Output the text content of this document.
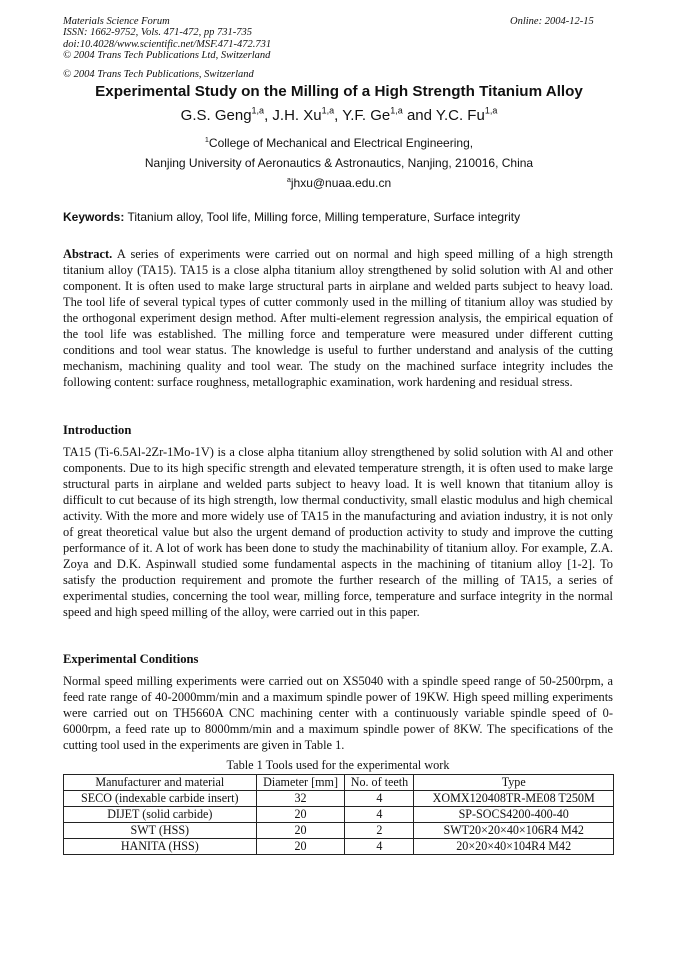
Materials Science Forum
ISSN: 1662-9752, Vols. 471-472, pp 731-735
doi:10.4028/www.scientific.net/MSF.471-472.731
© 2004 Trans Tech Publications Ltd, Switzerland
© 2004 Trans Tech Publications, Switzerland
Online: 2004-12-15
Experimental Study on the Milling of a High Strength Titanium Alloy
G.S. Geng$^{1,a}$, J.H. Xu$^{1,a}$, Y.F. Ge$^{1,a}$ and Y.C. Fu$^{1,a}$
$^1$College of Mechanical and Electrical Engineering,
Nanjing University of Aeronautics & Astronautics, Nanjing, 210016, China
$^a$jhxu@nuaa.edu.cn
Keywords: Titanium alloy, Tool life, Milling force, Milling temperature, Surface integrity

Abstract. A series of experiments were carried out on normal and high speed milling of a high strength titanium alloy (TA15). TA15 is a close alpha titanium alloy strengthened by solid solution with Al and other component. It is often used to make large structural parts in airplane and welded parts subject to heavy load. The tool life of several typical types of cutter commonly used in the milling of titanium alloy was studied by the orthogonal experiment design method. After multi-element regression analysis, the empirical equation of the tool life was established. The milling force and temperature were measured under different cutting conditions and tool wear status. The knowledge is useful to further understand and analysis of the cutting mechanism, machining quality and tool wear. The study on the machined surface integrity includes the following content: surface roughness, metallographic examination, work hardening and residual stress.

Introduction

TA15 (Ti-6.5Al-2Zr-1Mo-1V) is a close alpha titanium alloy strengthened by solid solution with Al and other components. Due to its high specific strength and elevated temperature strength, it is often used to make large structural parts in airplane and welded parts subject to heavy load. It is well known that titanium alloy is difficult to cut because of its high strength, low thermal conductivity, small elastic modulus and high chemical activity. With the more and more widely use of TA15 in the manufacturing and aviation industry, it is not only of great theoretical value but also the urgent demand of production activity to study and improve the cutting performance of it. A lot of work has been done to study the machinability of titanium alloy. For example, Z.A. Zoya and D.K. Aspinwall studied some fundamental aspects in the machining of titanium alloy [1-2]. To satisfy the production requirement and promote the further research of the milling of TA15, a series of experimental studies, concerning the tool wear, milling force, temperature and surface integrity in the normal speed and high speed milling of the alloy, were carried out in this paper.

Experimental Conditions

Normal speed milling experiments were carried out on XS5040 with a spindle speed range of 50-2500rpm, a feed rate range of 40-2000mm/min and a maximum spindle power of 19KW. High speed milling experiments were carried out on TH5660A CNC machining center with a continuously variable spindle speed of 0-6000rpm, a feed rate up to 8000mm/min and a maximum spindle power of 8KW. The specifications of the cutting tool used in the experiments are given in Table 1.

Table 1 Tools used for the experimental work
Manufacturer and material	Diameter [mm]	No. of teeth	Type
SECO (indexable carbide insert)	32	4	XOMX120408TR-ME08 T250M
DIJET (solid carbide)	20	4	SP-SOCS4200-400-40
SWT (HSS)	20	2	SWT20×20×40×106R4 M42
HANITA (HSS)	20	4	20×20×40×104R4 M42
